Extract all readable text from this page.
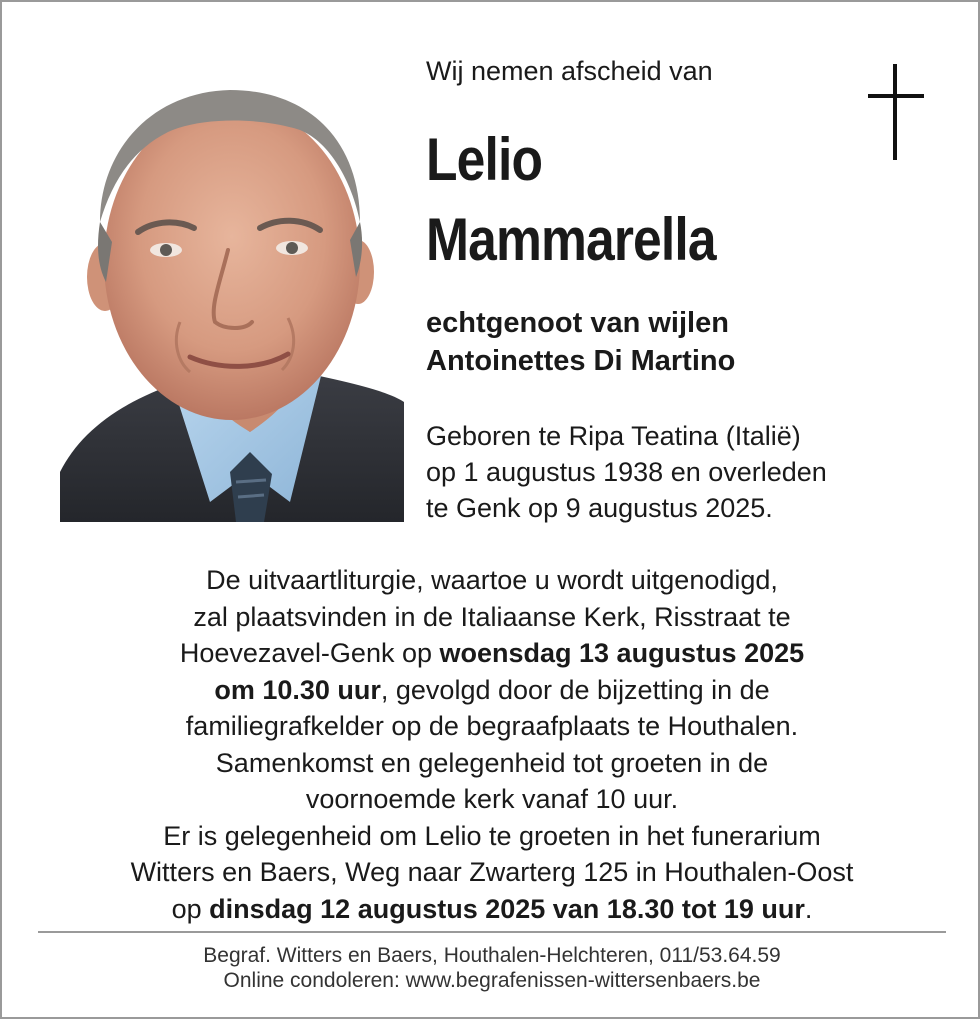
Wij nemen afscheid van
Lelio
Mammarella
echtgenoot van wijlen
Antoinettes Di Martino
Geboren te Ripa Teatina (Italië)
op 1 augustus 1938 en overleden
te Genk op 9 augustus 2025.
De uitvaartliturgie, waartoe u wordt uitgenodigd,
zal plaatsvinden in de Italiaanse Kerk, Risstraat te
Hoevezavel-Genk op woensdag 13 augustus 2025
om 10.30 uur, gevolgd door de bijzetting in de
familiegrafkelder op de begraafplaats te Houthalen.
Samenkomst en gelegenheid tot groeten in de
voornoemde kerk vanaf 10 uur.
Er is gelegenheid om Lelio te groeten in het funerarium
Witters en Baers, Weg naar Zwarterg 125 in Houthalen-Oost
op dinsdag 12 augustus 2025 van 18.30 tot 19 uur.
Begraf. Witters en Baers, Houthalen-Helchteren, 011/53.64.59
Online condoleren: www.begrafenissen-wittersenbaers.be
